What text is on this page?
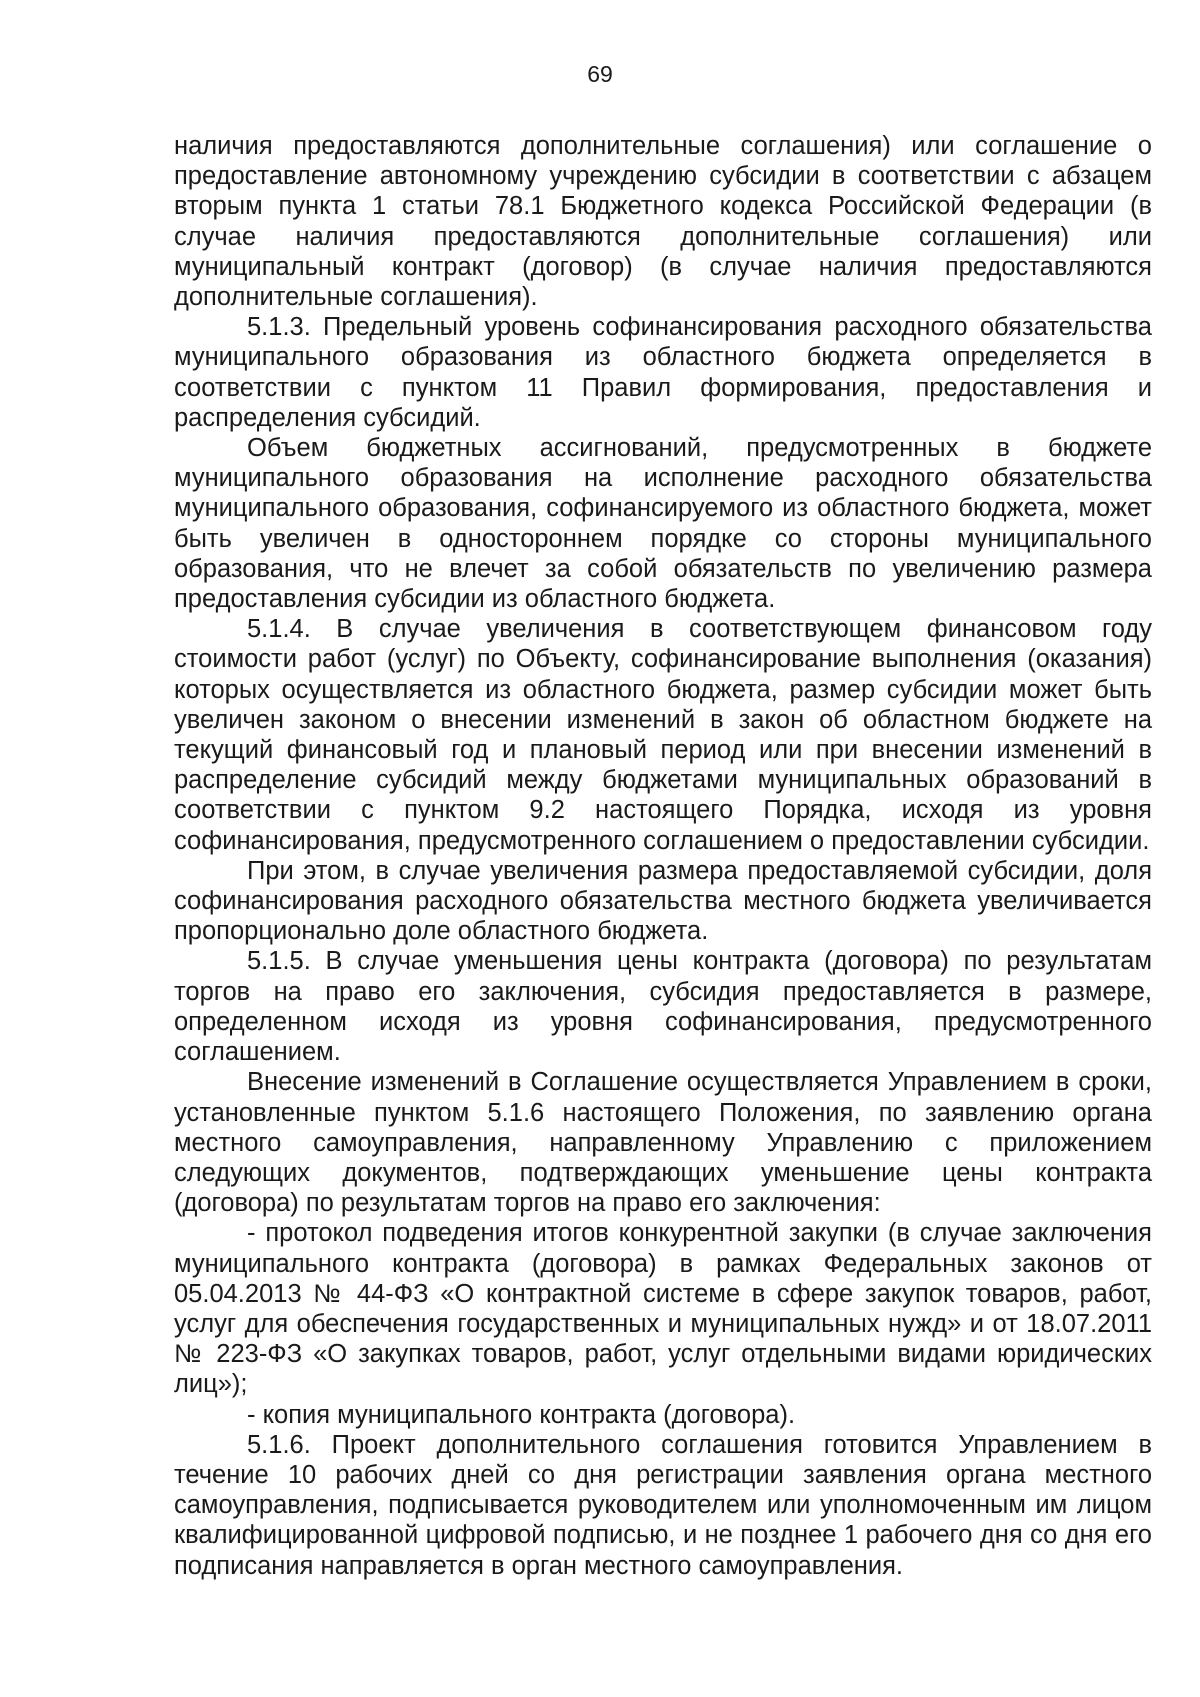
69

наличия предоставляются дополнительные соглашения) или соглашение о предоставление автономному учреждению субсидии в соответствии с абзацем вторым пункта 1 статьи 78.1 Бюджетного кодекса Российской Федерации (в случае наличия предоставляются дополнительные соглашения) или муниципальный контракт (договор) (в случае наличия предоставляются дополнительные соглашения).

5.1.3. Предельный уровень софинансирования расходного обязательства муниципального образования из областного бюджета определяется в соответствии с пунктом 11 Правил формирования, предоставления и распределения субсидий.

Объем бюджетных ассигнований, предусмотренных в бюджете муниципального образования на исполнение расходного обязательства муниципального образования, софинансируемого из областного бюджета, может быть увеличен в одностороннем порядке со стороны муниципального образования, что не влечет за собой обязательств по увеличению размера предоставления субсидии из областного бюджета.

5.1.4. В случае увеличения в соответствующем финансовом году стоимости работ (услуг) по Объекту, софинансирование выполнения (оказания) которых осуществляется из областного бюджета, размер субсидии может быть увеличен законом о внесении изменений в закон об областном бюджете на текущий финансовый год и плановый период или при внесении изменений в распределение субсидий между бюджетами муниципальных образований в соответствии с пунктом 9.2 настоящего Порядка, исходя из уровня софинансирования, предусмотренного соглашением о предоставлении субсидии.

При этом, в случае увеличения размера предоставляемой субсидии, доля софинансирования расходного обязательства местного бюджета увеличивается пропорционально доле областного бюджета.

5.1.5. В случае уменьшения цены контракта (договора) по результатам торгов на право его заключения, субсидия предоставляется в размере, определенном исходя из уровня софинансирования, предусмотренного соглашением.

Внесение изменений в Соглашение осуществляется Управлением в сроки, установленные пунктом 5.1.6 настоящего Положения, по заявлению органа местного самоуправления, направленному Управлению с приложением следующих документов, подтверждающих уменьшение цены контракта (договора) по результатам торгов на право его заключения:

- протокол подведения итогов конкурентной закупки (в случае заключения муниципального контракта (договора) в рамках Федеральных законов от 05.04.2013 № 44-ФЗ «О контрактной системе в сфере закупок товаров, работ, услуг для обеспечения государственных и муниципальных нужд» и от 18.07.2011 № 223-ФЗ «О закупках товаров, работ, услуг отдельными видами юридических лиц»);

- копия муниципального контракта (договора).

5.1.6. Проект дополнительного соглашения готовится Управлением в течение 10 рабочих дней со дня регистрации заявления органа местного самоуправления, подписывается руководителем или уполномоченным им лицом квалифицированной цифровой подписью, и не позднее 1 рабочего дня со дня его подписания направляется в орган местного самоуправления.
